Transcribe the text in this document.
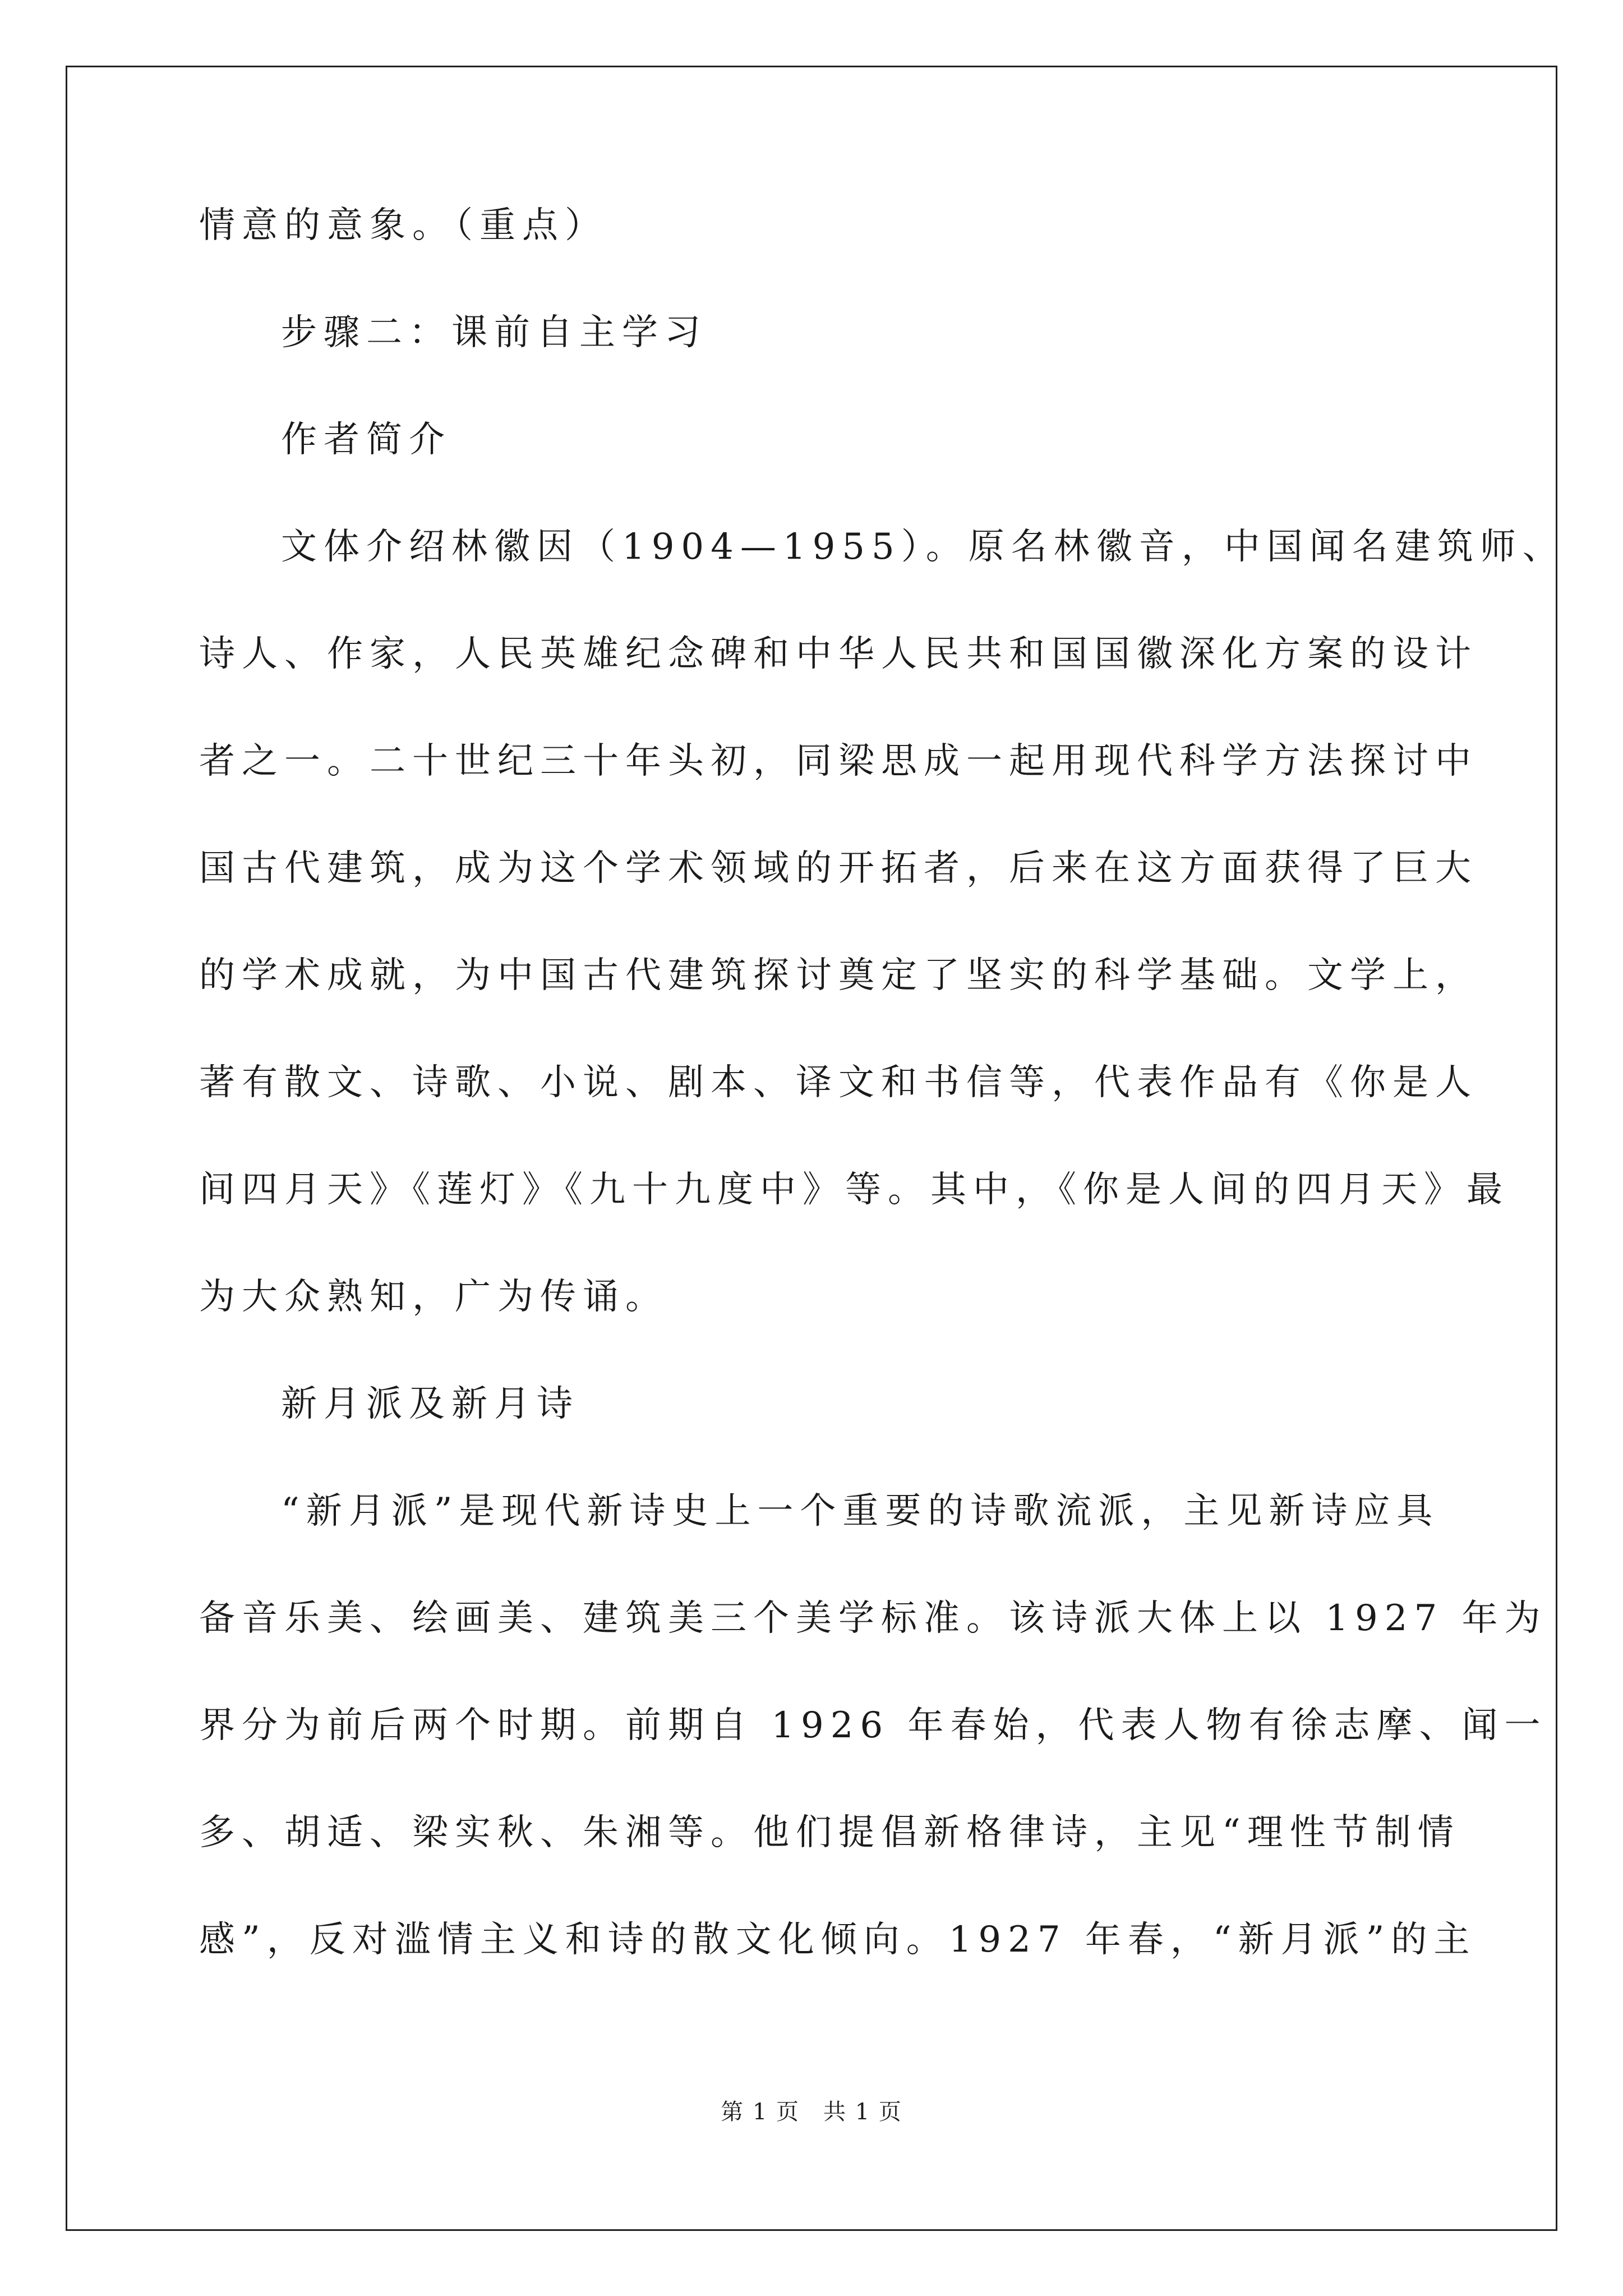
情意的意象。（重点）
步骤二：课前自主学习
作者简介
文体介绍林徽因（1904—1955）。原名林徽音，中国闻名建筑师、
诗人、作家，人民英雄纪念碑和中华人民共和国国徽深化方案的设计
者之一。二十世纪三十年头初，同梁思成一起用现代科学方法探讨中
国古代建筑，成为这个学术领域的开拓者，后来在这方面获得了巨大
的学术成就，为中国古代建筑探讨奠定了坚实的科学基础。文学上，
著有散文、诗歌、小说、剧本、译文和书信等，代表作品有《你是人
间四月天》《莲灯》《九十九度中》等。其中，《你是人间的四月天》最
为大众熟知，广为传诵。
新月派及新月诗
“新月派”是现代新诗史上一个重要的诗歌流派，主见新诗应具
备音乐美、绘画美、建筑美三个美学标准。该诗派大体上以 1927 年为
界分为前后两个时期。前期自 1926 年春始，代表人物有徐志摩、闻一
多、胡适、梁实秋、朱湘等。他们提倡新格律诗，主见“理性节制情
感”，反对滥情主义和诗的散文化倾向。1927 年春，“新月派”的主
第 1 页　共 1 页
